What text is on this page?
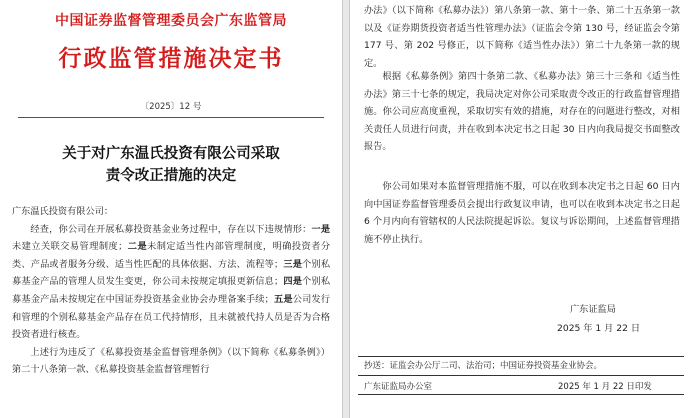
中国证券监督管理委员会广东监管局
行政监管措施决定书
〔2025〕12 号
关于对广东温氏投资有限公司采取
责令改正措施的决定

广东温氏投资有限公司：

经查，你公司在开展私募投资基金业务过程中，存在以下违规情形：一是未建立关联交易管理制度；二是未制定适当性内部管理制度，明确投资者分类、产品或者服务分级、适当性匹配的具体依据、方法、流程等；三是个别私募基金产品的管理人员发生变更，你公司未按规定填报更新信息；四是个别私募基金产品未按规定在中国证券投资基金业协会办理备案手续；五是公司发行和管理的个别私募基金产品存在员工代持情形，且未就被代持人员是否为合格投资者进行核查。

上述行为违反了《私募投资基金监督管理条例》（以下简称《私募条例》）第二十八条第一款、《私募投资基金监督管理暂行

办法》（以下简称《私募办法》）第八条第一款、第十一条、第二十五条第一款以及《证券期货投资者适当性管理办法》（证监会令第 130 号，经证监会令第 177 号、第 202 号修正，以下简称《适当性办法》）第二十九条第一款的规定。

根据《私募条例》第四十条第二款、《私募办法》第三十三条和《适当性办法》第三十七条的规定，我局决定对你公司采取责令改正的行政监督管理措施。你公司应高度重视，采取切实有效的措施，对存在的问题进行整改，对相关责任人员进行问责，并在收到本决定书之日起 30 日内向我局提交书面整改报告。

你公司如果对本监督管理措施不服，可以在收到本决定书之日起 60 日内向中国证券监督管理委员会提出行政复议申请，也可以在收到本决定书之日起 6 个月内向有管辖权的人民法院提起诉讼。复议与诉讼期间，上述监督管理措施不停止执行。

广东证监局
2025 年 1 月 22 日
抄送：证监会办公厅二司、法治司；中国证券投资基金业协会。
广东证监局办公室	2025 年 1 月 22 日印发
